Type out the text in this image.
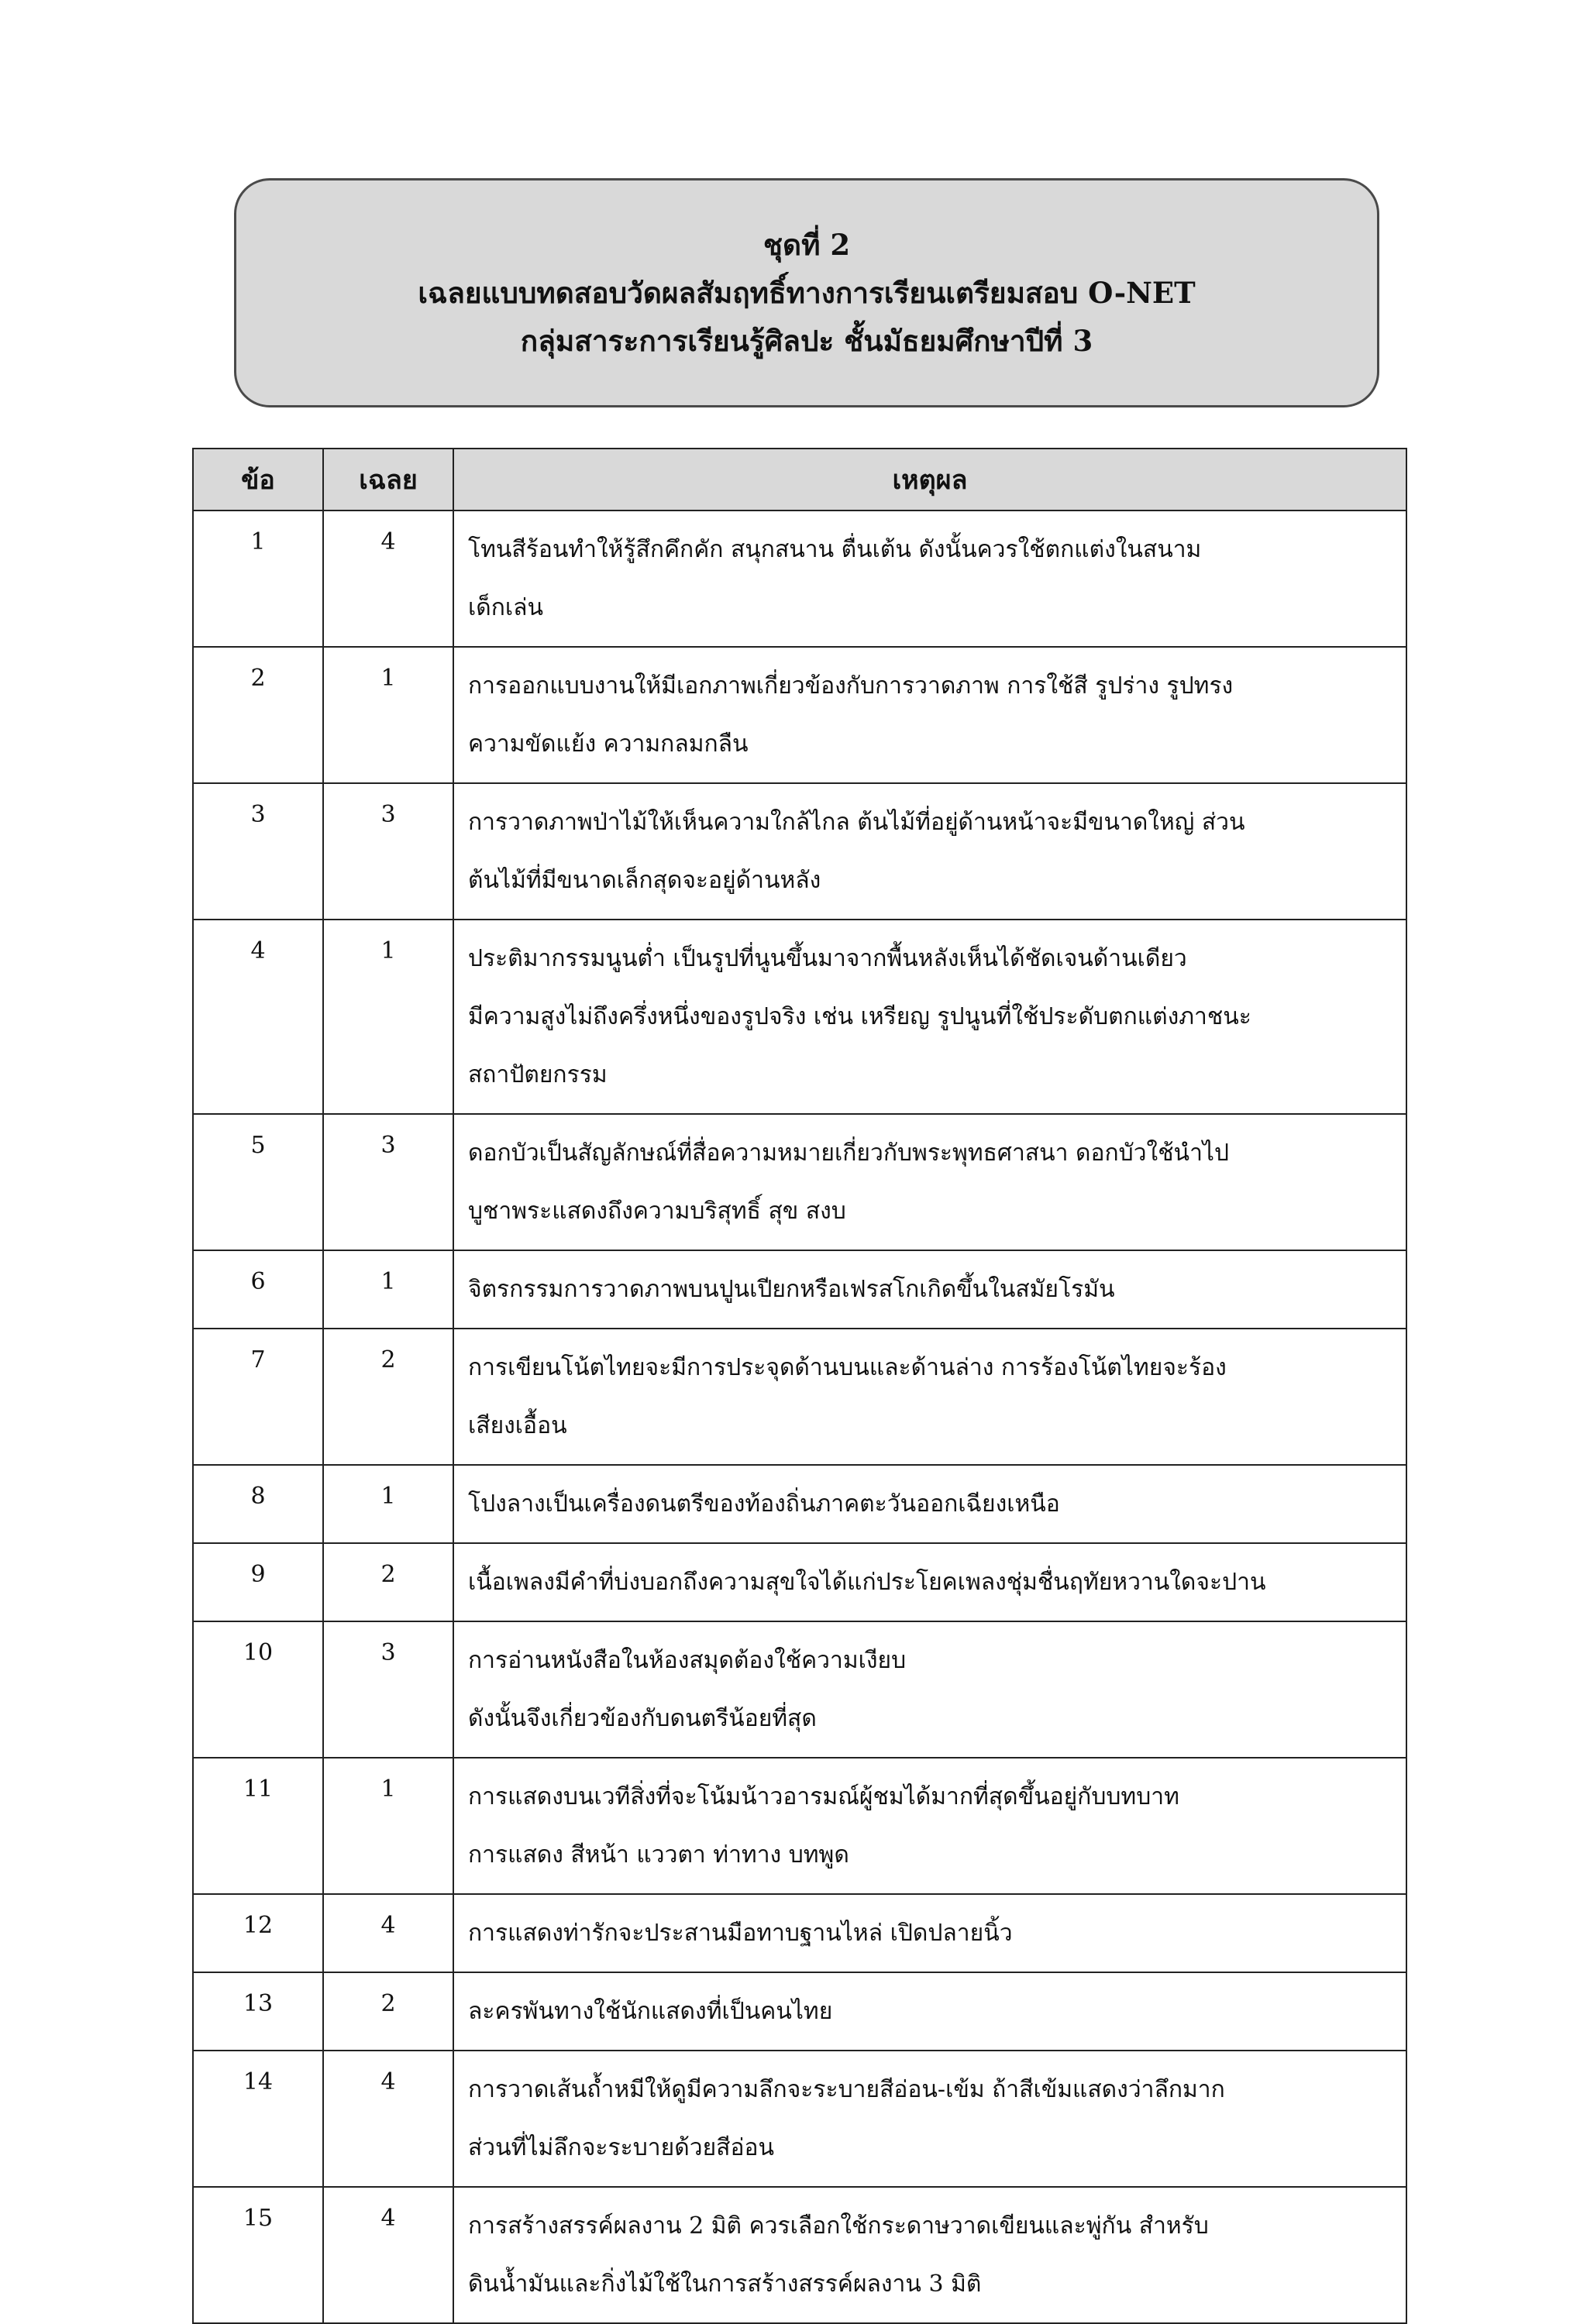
ชุดที่ 2
เฉลยแบบทดสอบวัดผลสัมฤทธิ์ทางการเรียนเตรียมสอบ O-NET
กลุ่มสาระการเรียนรู้ศิลปะ ชั้นมัธยมศึกษาปีที่ 3
ข้อ	เฉลย	เหตุผล
1	4	โทนสีร้อนทำให้รู้สึกคึกคัก สนุกสนาน ตื่นเต้น ดังนั้นควรใช้ตกแต่งในสนาม
เด็กเล่น
2	1	การออกแบบงานให้มีเอกภาพเกี่ยวข้องกับการวาดภาพ การใช้สี รูปร่าง รูปทรง
ความขัดแย้ง ความกลมกลืน
3	3	การวาดภาพป่าไม้ให้เห็นความใกล้ไกล ต้นไม้ที่อยู่ด้านหน้าจะมีขนาดใหญ่ ส่วน
ต้นไม้ที่มีขนาดเล็กสุดจะอยู่ด้านหลัง
4	1	ประติมากรรมนูนต่ำ เป็นรูปที่นูนขึ้นมาจากพื้นหลังเห็นได้ชัดเจนด้านเดียว
มีความสูงไม่ถึงครึ่งหนึ่งของรูปจริง เช่น เหรียญ รูปนูนที่ใช้ประดับตกแต่งภาชนะ
สถาปัตยกรรม
5	3	ดอกบัวเป็นสัญลักษณ์ที่สื่อความหมายเกี่ยวกับพระพุทธศาสนา ดอกบัวใช้นำไป
บูชาพระแสดงถึงความบริสุทธิ์ สุข สงบ
6	1	จิตรกรรมการวาดภาพบนปูนเปียกหรือเฟรสโกเกิดขึ้นในสมัยโรมัน
7	2	การเขียนโน้ตไทยจะมีการประจุดด้านบนและด้านล่าง การร้องโน้ตไทยจะร้อง
เสียงเอื้อน
8	1	โปงลางเป็นเครื่องดนตรีของท้องถิ่นภาคตะวันออกเฉียงเหนือ
9	2	เนื้อเพลงมีคำที่บ่งบอกถึงความสุขใจได้แก่ประโยคเพลงชุ่มชื่นฤทัยหวานใดจะปาน
10	3	การอ่านหนังสือในห้องสมุดต้องใช้ความเงียบ
ดังนั้นจึงเกี่ยวข้องกับดนตรีน้อยที่สุด
11	1	การแสดงบนเวทีสิ่งที่จะโน้มน้าวอารมณ์ผู้ชมได้มากที่สุดขึ้นอยู่กับบทบาท
การแสดง สีหน้า แววตา ท่าทาง บทพูด
12	4	การแสดงท่ารักจะประสานมือทาบฐานไหล่ เปิดปลายนิ้ว
13	2	ละครพันทางใช้นักแสดงที่เป็นคนไทย
14	4	การวาดเส้นถ้ำหมีให้ดูมีความลึกจะระบายสีอ่อน-เข้ม ถ้าสีเข้มแสดงว่าลึกมาก
ส่วนที่ไม่ลึกจะระบายด้วยสีอ่อน
15	4	การสร้างสรรค์ผลงาน 2 มิติ ควรเลือกใช้กระดาษวาดเขียนและพู่กัน สำหรับ
ดินน้ำมันและกิ่งไม้ใช้ในการสร้างสรรค์ผลงาน 3 มิติ
